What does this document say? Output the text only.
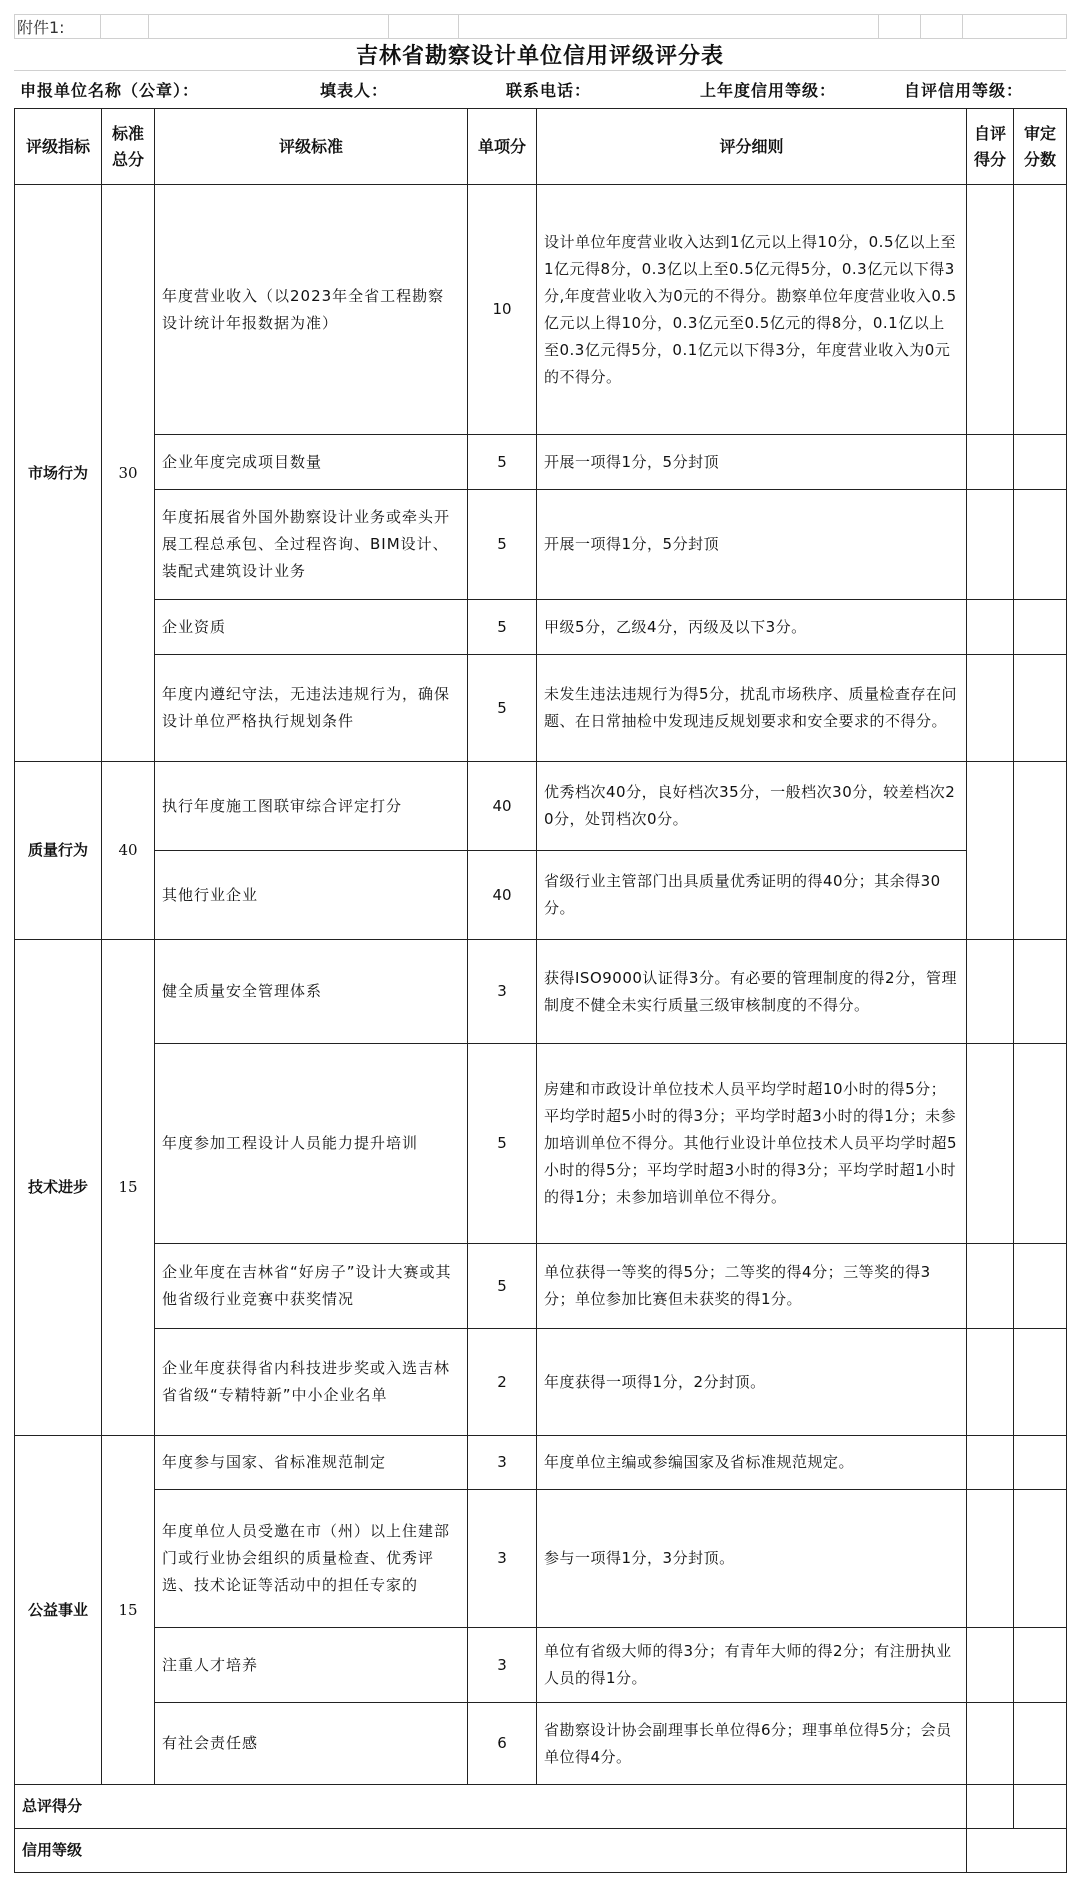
附件1:							
吉林省勘察设计单位信用评级评分表
申报单位名称（公章）：	填表人：	联系电话：	上年度信用等级：	自评信用等级：
评级指标	标准总分	评级标准	单项分	评分细则	自评得分	审定分数
市场行为	30	年度营业收入（以2023年全省工程勘察设计统计年报数据为准）	10	设计单位年度营业收入达到1亿元以上得10分，0.5亿以上至1亿元得8分，0.3亿以上至0.5亿元得5分，0.3亿元以下得3分,年度营业收入为0元的不得分。勘察单位年度营业收入0.5亿元以上得10分，0.3亿元至0.5亿元的得8分，0.1亿以上至0.3亿元得5分，0.1亿元以下得3分，年度营业收入为0元的不得分。		
		企业年度完成项目数量	5	开展一项得1分，5分封顶		
		年度拓展省外国外勘察设计业务或牵头开展工程总承包、全过程咨询、BIM设计、装配式建筑设计业务	5	开展一项得1分，5分封顶		
		企业资质	5	甲级5分，乙级4分，丙级及以下3分。		
		年度内遵纪守法，无违法违规行为，确保设计单位严格执行规划条件	5	未发生违法违规行为得5分，扰乱市场秩序、质量检查存在问题、在日常抽检中发现违反规划要求和安全要求的不得分。		
质量行为	40	执行年度施工图联审综合评定打分	40	优秀档次40分，良好档次35分，一般档次30分，较差档次20分，处罚档次0分。		
		其他行业企业	40	省级行业主管部门出具质量优秀证明的得40分；其余得30分。		
技术进步	15	健全质量安全管理体系	3	获得ISO9000认证得3分。有必要的管理制度的得2分，管理制度不健全未实行质量三级审核制度的不得分。		
		年度参加工程设计人员能力提升培训	5	房建和市政设计单位技术人员平均学时超10小时的得5分；平均学时超5小时的得3分；平均学时超3小时的得1分；未参加培训单位不得分。其他行业设计单位技术人员平均学时超5小时的得5分；平均学时超3小时的得3分；平均学时超1小时的得1分；未参加培训单位不得分。		
		企业年度在吉林省“好房子”设计大赛或其他省级行业竞赛中获奖情况	5	单位获得一等奖的得5分；二等奖的得4分；三等奖的得3分；单位参加比赛但未获奖的得1分。		
		企业年度获得省内科技进步奖或入选吉林省省级“专精特新”中小企业名单	2	年度获得一项得1分，2分封顶。		
公益事业	15	年度参与国家、省标准规范制定	3	年度单位主编或参编国家及省标准规范规定。		
		年度单位人员受邀在市（州）以上住建部门或行业协会组织的质量检查、优秀评选、技术论证等活动中的担任专家的	3	参与一项得1分，3分封顶。		
		注重人才培养	3	单位有省级大师的得3分；有青年大师的得2分；有注册执业人员的得1分。		
		有社会责任感	6	省勘察设计协会副理事长单位得6分；理事单位得5分；会员单位得4分。		
总评得分						
信用等级						
